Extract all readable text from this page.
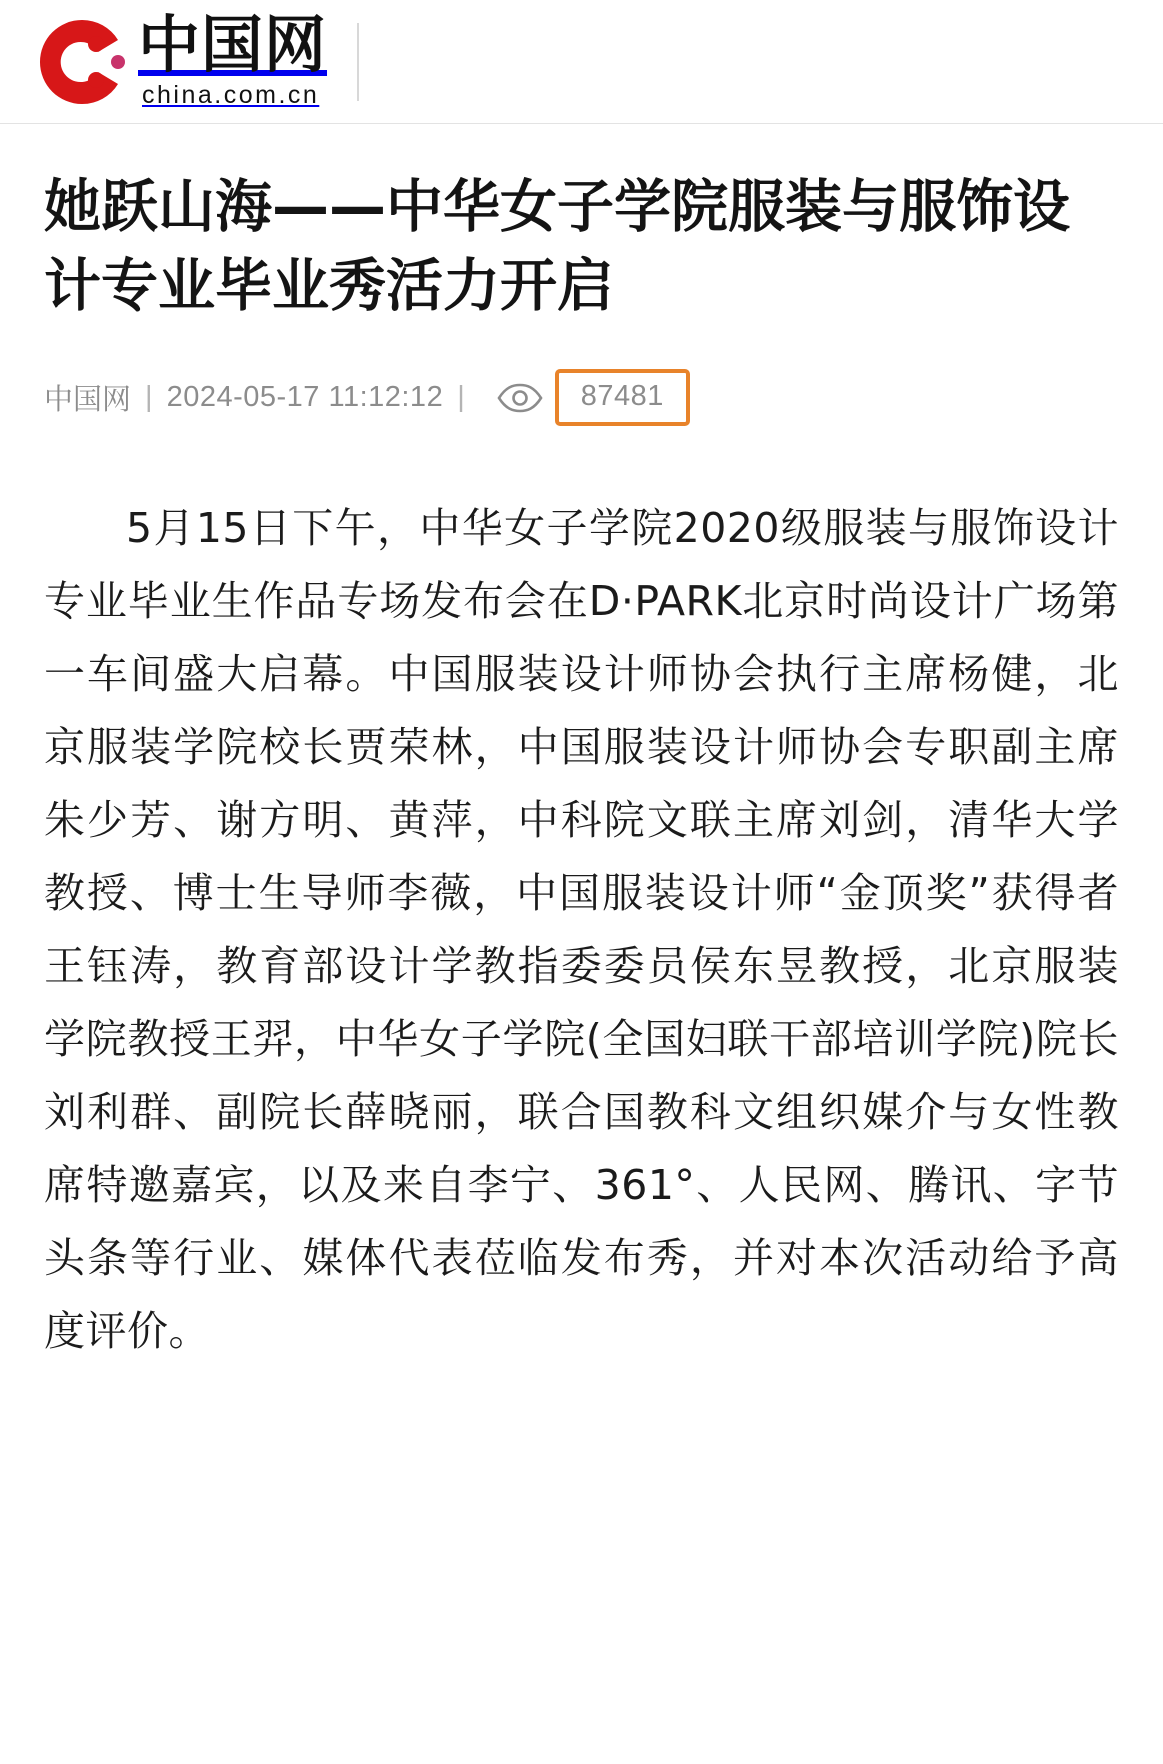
中国网
china.com.cn
她跃山海——中华女子学院服装与服饰设计专业毕业秀活力开启
中国网 | 2024-05-17 11:12:12 |	87481

5月15日下午，中华女子学院2020级服装与服饰设计专业毕业生作品专场发布会在D·PARK北京时尚设计广场第一车间盛大启幕。中国服装设计师协会执行主席杨健，北京服装学院校长贾荣林，中国服装设计师协会专职副主席朱少芳、谢方明、黄萍，中科院文联主席刘剑，清华大学教授、博士生导师李薇，中国服装设计师“金顶奖”获得者王钰涛，教育部设计学教指委委员侯东昱教授，北京服装学院教授王羿，中华女子学院(全国妇联干部培训学院)院长刘利群、副院长薛晓丽，联合国教科文组织媒介与女性教席特邀嘉宾，以及来自李宁、361°、人民网、腾讯、字节头条等行业、媒体代表莅临发布秀，并对本次活动给予高度评价。
